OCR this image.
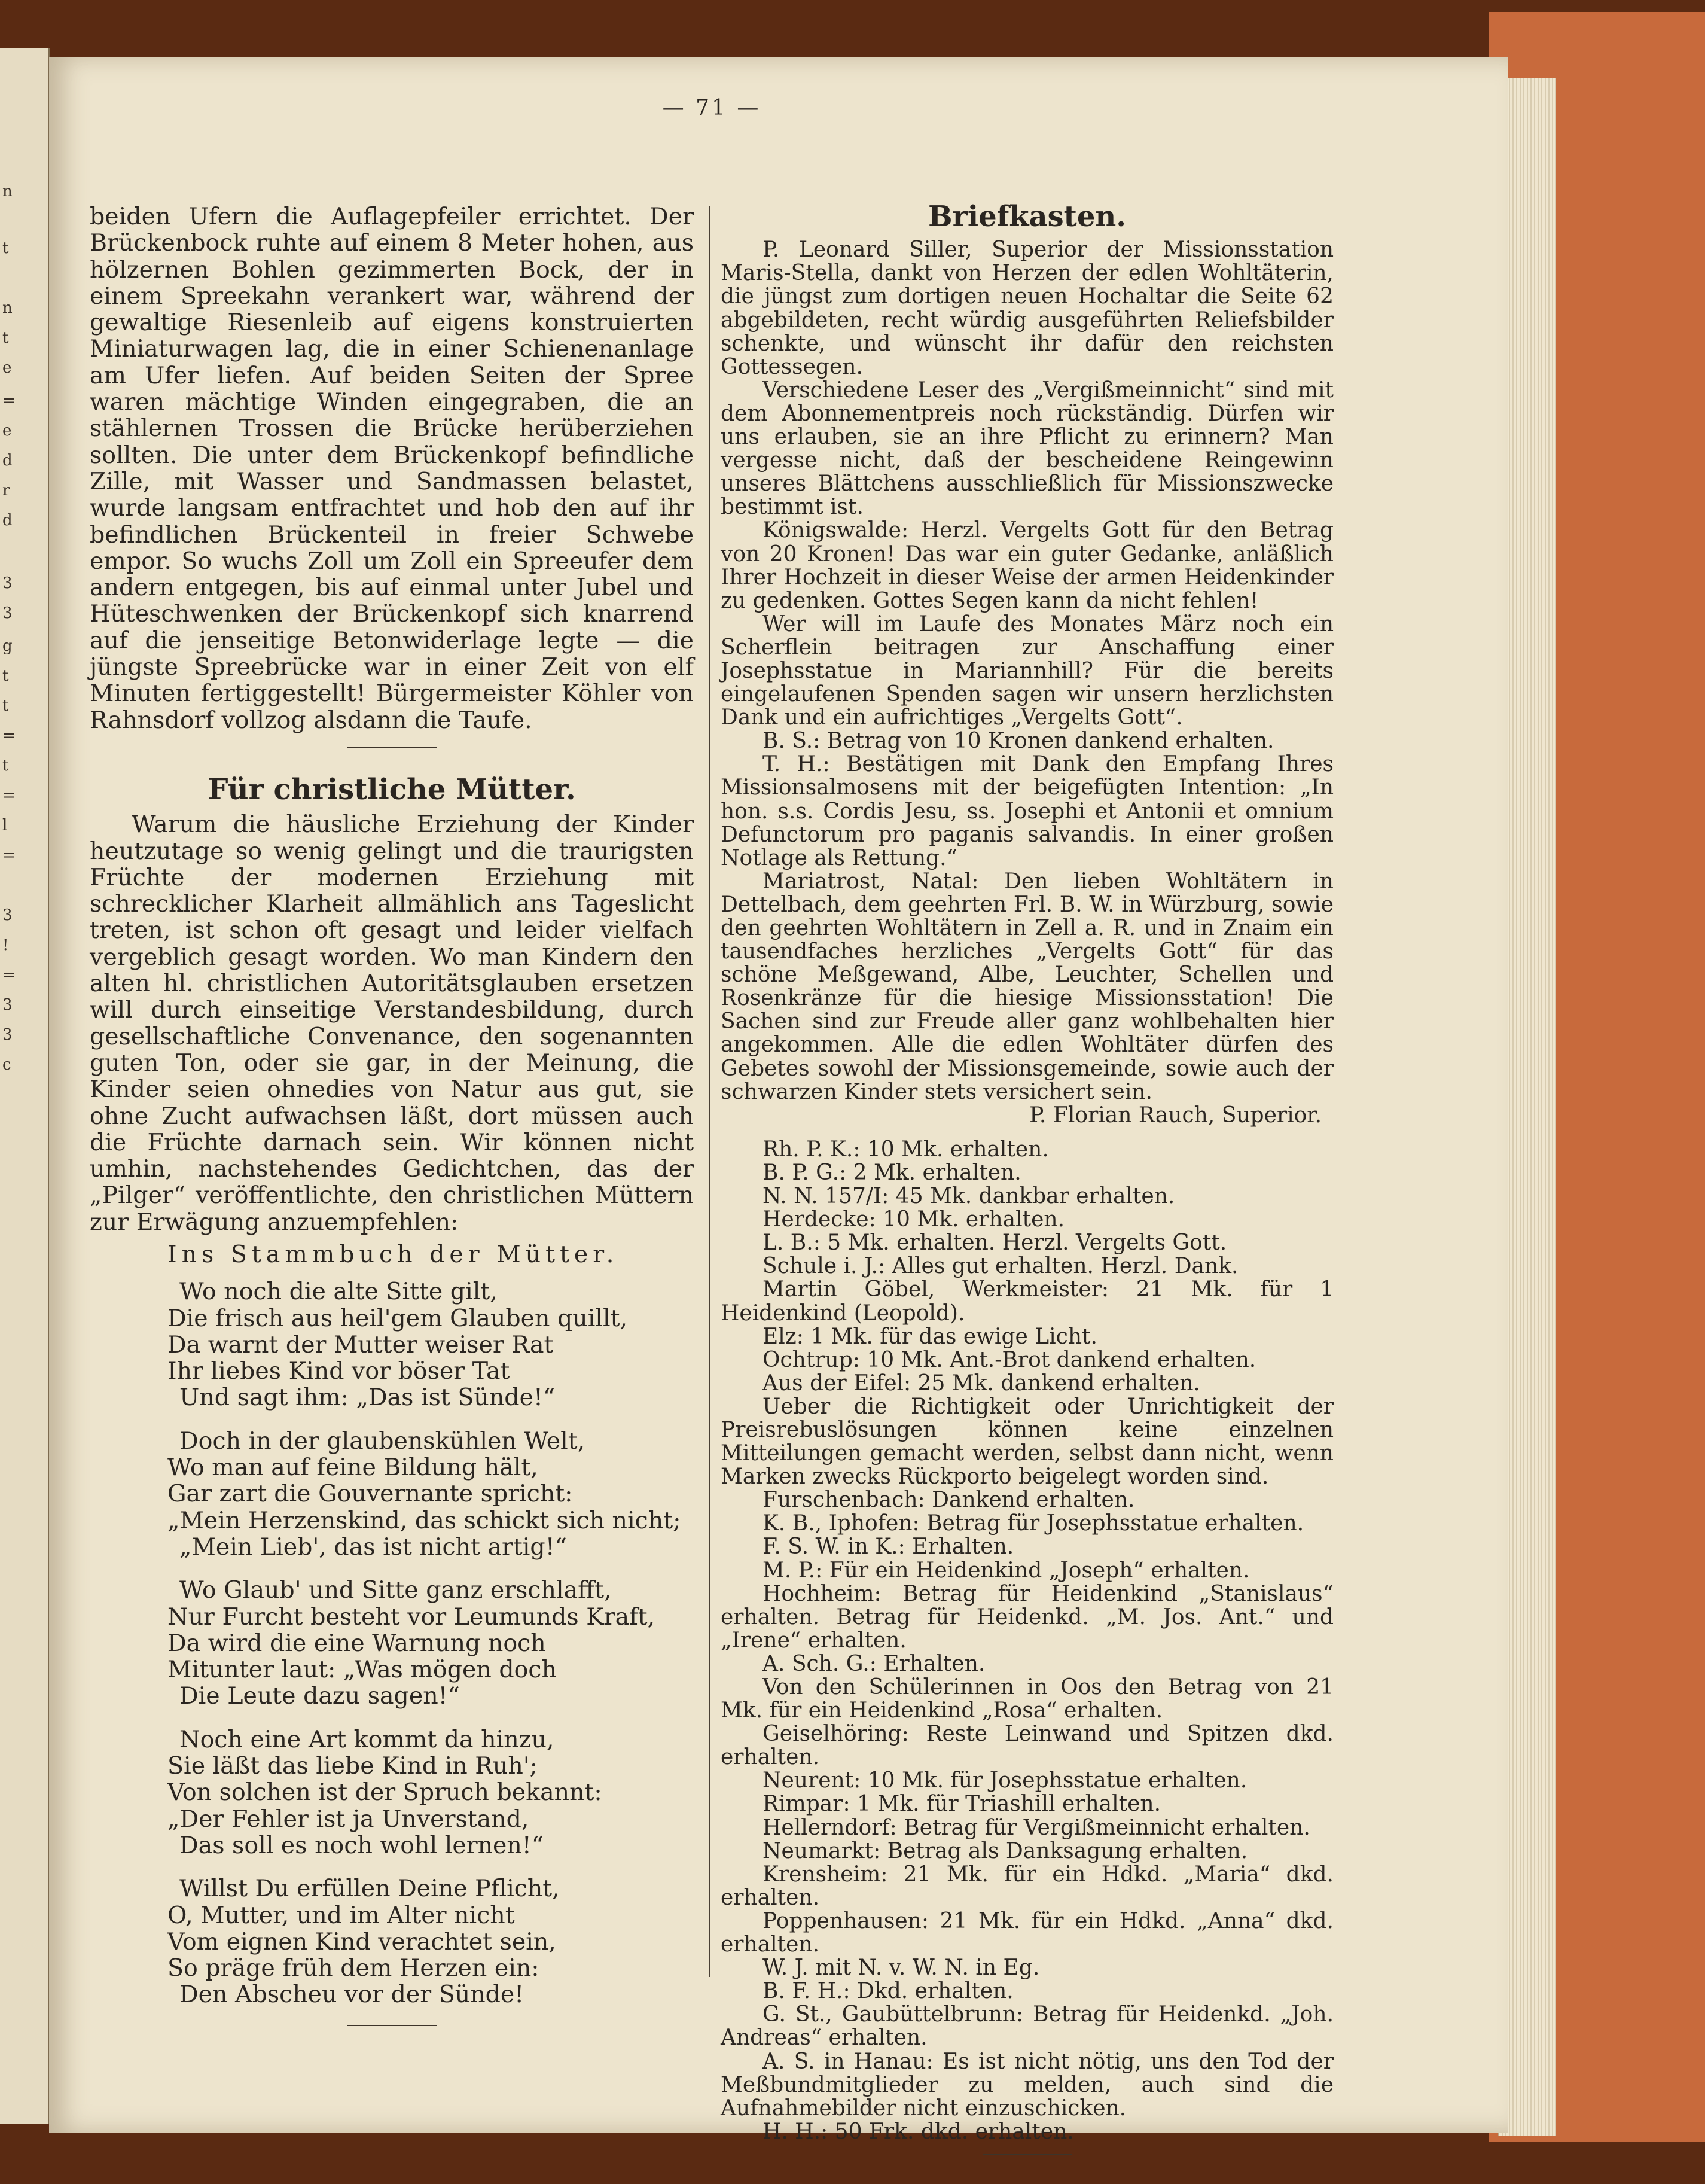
n
t
n
t
e
=
e
d
r
d
3
3
g
t
t
=
t
=
l
=
3
!
=
3
3
c

— 71 —

beiden Ufern die Auflagepfeiler errichtet. Der Brückenbock ruhte auf einem 8 Meter hohen, aus hölzernen Bohlen gezimmerten Bock, der in einem Spreekahn verankert war, während der gewaltige Riesenleib auf eigens konstruierten Miniaturwagen lag, die in einer Schienenanlage am Ufer liefen. Auf beiden Seiten der Spree waren mächtige Winden eingegraben, die an stählernen Trossen die Brücke herüberziehen sollten. Die unter dem Brückenkopf befindliche Zille, mit Wasser und Sandmassen belastet, wurde langsam entfrachtet und hob den auf ihr befindlichen Brückenteil in freier Schwebe empor. So wuchs Zoll um Zoll ein Spreeufer dem andern entgegen, bis auf einmal unter Jubel und Hüteschwenken der Brückenkopf sich knarrend auf die jenseitige Betonwiderlage legte — die jüngste Spreebrücke war in einer Zeit von elf Minuten fertiggestellt! Bürgermeister Köhler von Rahnsdorf vollzog alsdann die Taufe.

Für christliche Mütter.

Warum die häusliche Erziehung der Kinder heutzutage so wenig gelingt und die traurigsten Früchte der modernen Erziehung mit schrecklicher Klarheit allmählich ans Tageslicht treten, ist schon oft gesagt und leider vielfach vergeblich gesagt worden. Wo man Kindern den alten hl. christlichen Autoritätsglauben ersetzen will durch einseitige Verstandesbildung, durch gesellschaftliche Convenance, den sogenannten guten Ton, oder sie gar, in der Meinung, die Kinder seien ohnedies von Natur aus gut, sie ohne Zucht aufwachsen läßt, dort müssen auch die Früchte darnach sein. Wir können nicht umhin, nachstehendes Gedichtchen, das der „Pilger“ veröffentlichte, den christlichen Müttern zur Erwägung anzuempfehlen:

Ins Stammbuch der Mütter.

Wo noch die alte Sitte gilt,

Die frisch aus heil'gem Glauben quillt,

Da warnt der Mutter weiser Rat

Ihr liebes Kind vor böser Tat

Und sagt ihm: „Das ist Sünde!“

Doch in der glaubenskühlen Welt,

Wo man auf feine Bildung hält,

Gar zart die Gouvernante spricht:

„Mein Herzenskind, das schickt sich nicht;

„Mein Lieb', das ist nicht artig!“

Wo Glaub' und Sitte ganz erschlafft,

Nur Furcht besteht vor Leumunds Kraft,

Da wird die eine Warnung noch

Mitunter laut: „Was mögen doch

Die Leute dazu sagen!“

Noch eine Art kommt da hinzu,

Sie läßt das liebe Kind in Ruh';

Von solchen ist der Spruch bekannt:

„Der Fehler ist ja Unverstand,

Das soll es noch wohl lernen!“

Willst Du erfüllen Deine Pflicht,

O, Mutter, und im Alter nicht

Vom eignen Kind verachtet sein,

So präge früh dem Herzen ein:

Den Abscheu vor der Sünde!

Briefkasten.

P. Leonard Siller, Superior der Missionsstation Maris-Stella, dankt von Herzen der edlen Wohltäterin, die jüngst zum dortigen neuen Hochaltar die Seite 62 abgebildeten, recht würdig ausgeführten Reliefsbilder schenkte, und wünscht ihr dafür den reichsten Gottessegen.

Verschiedene Leser des „Vergißmeinnicht“ sind mit dem Abonnementpreis noch rückständig. Dürfen wir uns erlauben, sie an ihre Pflicht zu erinnern? Man vergesse nicht, daß der bescheidene Reingewinn unseres Blättchens ausschließlich für Missionszwecke bestimmt ist.

Königswalde: Herzl. Vergelts Gott für den Betrag von 20 Kronen! Das war ein guter Gedanke, anläßlich Ihrer Hochzeit in dieser Weise der armen Heidenkinder zu gedenken. Gottes Segen kann da nicht fehlen!

Wer will im Laufe des Monates März noch ein Scherflein beitragen zur Anschaffung einer Josephsstatue in Mariannhill? Für die bereits eingelaufenen Spenden sagen wir unsern herzlichsten Dank und ein aufrichtiges „Vergelts Gott“.

B. S.: Betrag von 10 Kronen dankend erhalten.

T. H.: Bestätigen mit Dank den Empfang Ihres Missionsalmosens mit der beigefügten Intention: „In hon. s.s. Cordis Jesu, ss. Josephi et Antonii et omnium Defunctorum pro paganis salvandis. In einer großen Notlage als Rettung.“

Mariatrost, Natal: Den lieben Wohltätern in Dettelbach, dem geehrten Frl. B. W. in Würzburg, sowie den geehrten Wohltätern in Zell a. R. und in Znaim ein tausendfaches herzliches „Vergelts Gott“ für das schöne Meßgewand, Albe, Leuchter, Schellen und Rosenkränze für die hiesige Missionsstation! Die Sachen sind zur Freude aller ganz wohlbehalten hier angekommen. Alle die edlen Wohltäter dürfen des Gebetes sowohl der Missionsgemeinde, sowie auch der schwarzen Kinder stets versichert sein.

P. Florian Rauch, Superior.

Rh. P. K.: 10 Mk. erhalten.

B. P. G.: 2 Mk. erhalten.

N. N. 157/I: 45 Mk. dankbar erhalten.

Herdecke: 10 Mk. erhalten.

L. B.: 5 Mk. erhalten. Herzl. Vergelts Gott.

Schule i. J.: Alles gut erhalten. Herzl. Dank.

Martin Göbel, Werkmeister: 21 Mk. für 1 Heidenkind (Leopold).

Elz: 1 Mk. für das ewige Licht.

Ochtrup: 10 Mk. Ant.-Brot dankend erhalten.

Aus der Eifel: 25 Mk. dankend erhalten.

Ueber die Richtigkeit oder Unrichtigkeit der Preisrebuslösungen können keine einzelnen Mitteilungen gemacht werden, selbst dann nicht, wenn Marken zwecks Rückporto beigelegt worden sind.

Furschenbach: Dankend erhalten.

K. B., Iphofen: Betrag für Josephsstatue erhalten.

F. S. W. in K.: Erhalten.

M. P.: Für ein Heidenkind „Joseph“ erhalten.

Hochheim: Betrag für Heidenkind „Stanislaus“ erhalten. Betrag für Heidenkd. „M. Jos. Ant.“ und „Irene“ erhalten.

A. Sch. G.: Erhalten.

Von den Schülerinnen in Oos den Betrag von 21 Mk. für ein Heidenkind „Rosa“ erhalten.

Geiselhöring: Reste Leinwand und Spitzen dkd. erhalten.

Neurent: 10 Mk. für Josephsstatue erhalten.

Rimpar: 1 Mk. für Triashill erhalten.

Hellerndorf: Betrag für Vergißmeinnicht erhalten.

Neumarkt: Betrag als Danksagung erhalten.

Krensheim: 21 Mk. für ein Hdkd. „Maria“ dkd. erhalten.

Poppenhausen: 21 Mk. für ein Hdkd. „Anna“ dkd. erhalten.

W. J. mit N. v. W. N. in Eg.

B. F. H.: Dkd. erhalten.

G. St., Gaubüttelbrunn: Betrag für Heidenkd. „Joh. Andreas“ erhalten.

A. S. in Hanau: Es ist nicht nötig, uns den Tod der Meßbundmitglieder zu melden, auch sind die Aufnahmebilder nicht einzuschicken.

H. H.: 50 Frk. dkd. erhalten.
